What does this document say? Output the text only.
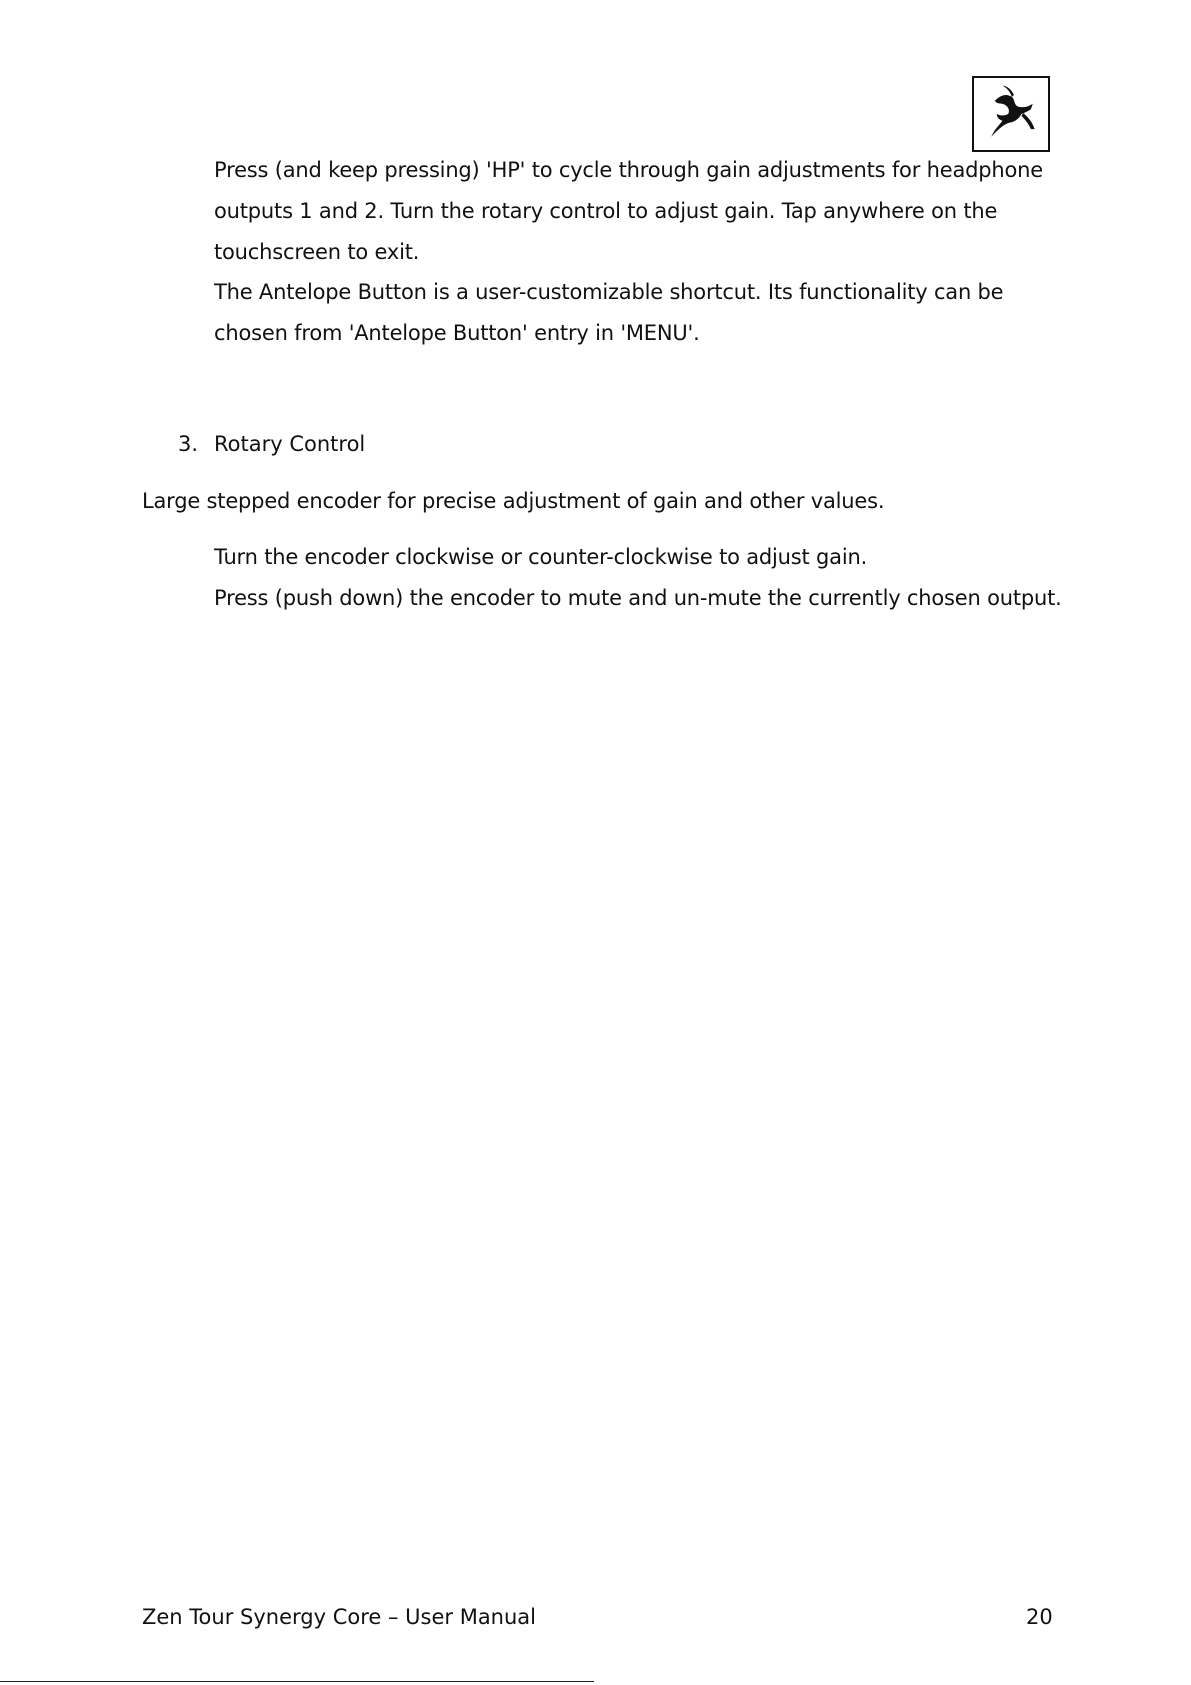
Press (and keep pressing) 'HP' to cycle through gain adjustments for headphone
outputs 1 and 2. Turn the rotary control to adjust gain. Tap anywhere on the
touchscreen to exit.
The Antelope Button is a user-customizable shortcut. Its functionality can be
chosen from 'Antelope Button' entry in 'MENU'.
3. Rotary Control
Large stepped encoder for precise adjustment of gain and other values.
Turn the encoder clockwise or counter-clockwise to adjust gain.
Press (push down) the encoder to mute and un-mute the currently chosen output.
Zen Tour Synergy Core – User Manual	20
